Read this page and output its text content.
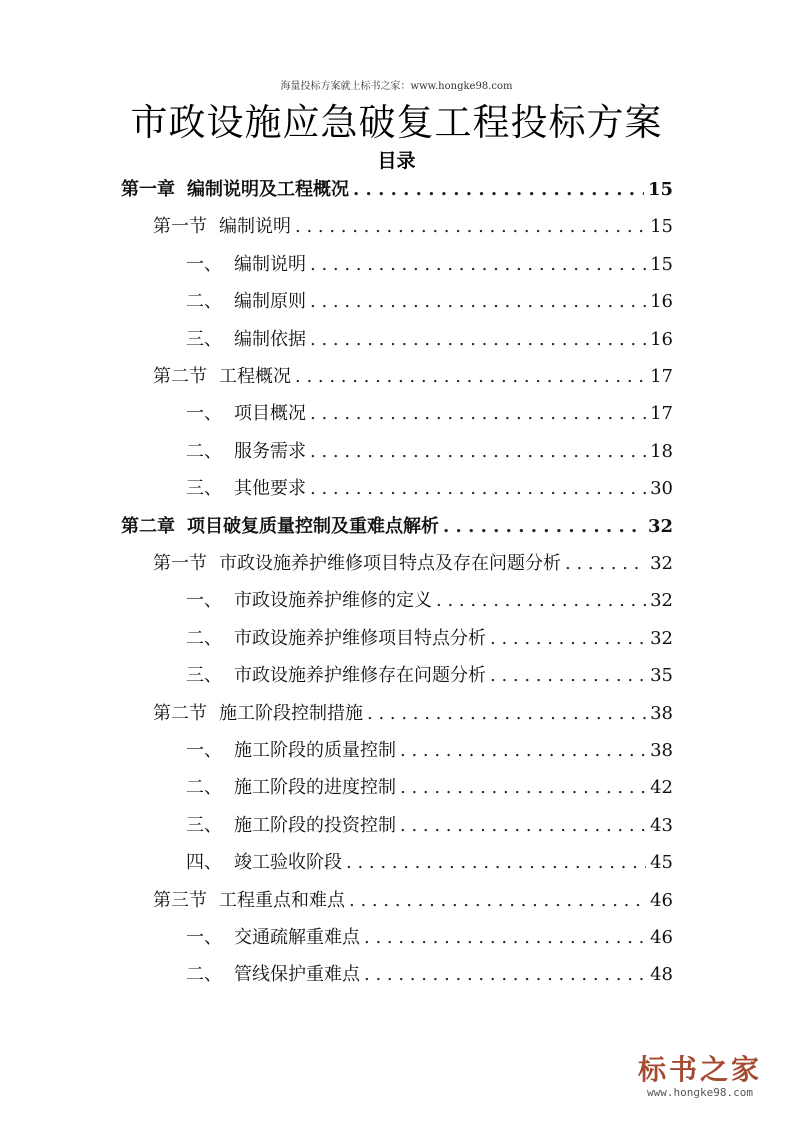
海量投标方案就上标书之家：www.hongke98.com
市政设施应急破复工程投标方案
目录
第一章 编制说明及工程概况 . . .	15
第一节 编制说明 . . .	15
一、 编制说明 . . .	15
二、 编制原则 . . .	16
三、 编制依据 . . .	16
第二节 工程概况 . . .	17
一、 项目概况 . . .	17
二、 服务需求 . . .	18
三、 其他要求 . . .	30
第二章 项目破复质量控制及重难点解析 . . .	32
第一节 市政设施养护维修项目特点及存在问题分析 . . .	32
一、 市政设施养护维修的定义 . . .	32
二、 市政设施养护维修项目特点分析 . . .	32
三、 市政设施养护维修存在问题分析 . . .	35
第二节 施工阶段控制措施 . . .	38
一、 施工阶段的质量控制 . . .	38
二、 施工阶段的进度控制 . . .	42
三、 施工阶段的投资控制 . . .	43
四、 竣工验收阶段 . . .	45
第三节 工程重点和难点 . . .	46
一、 交通疏解重难点 . . .	46
二、 管线保护重难点 . . .	48
标书之家
www.hongke98.com
